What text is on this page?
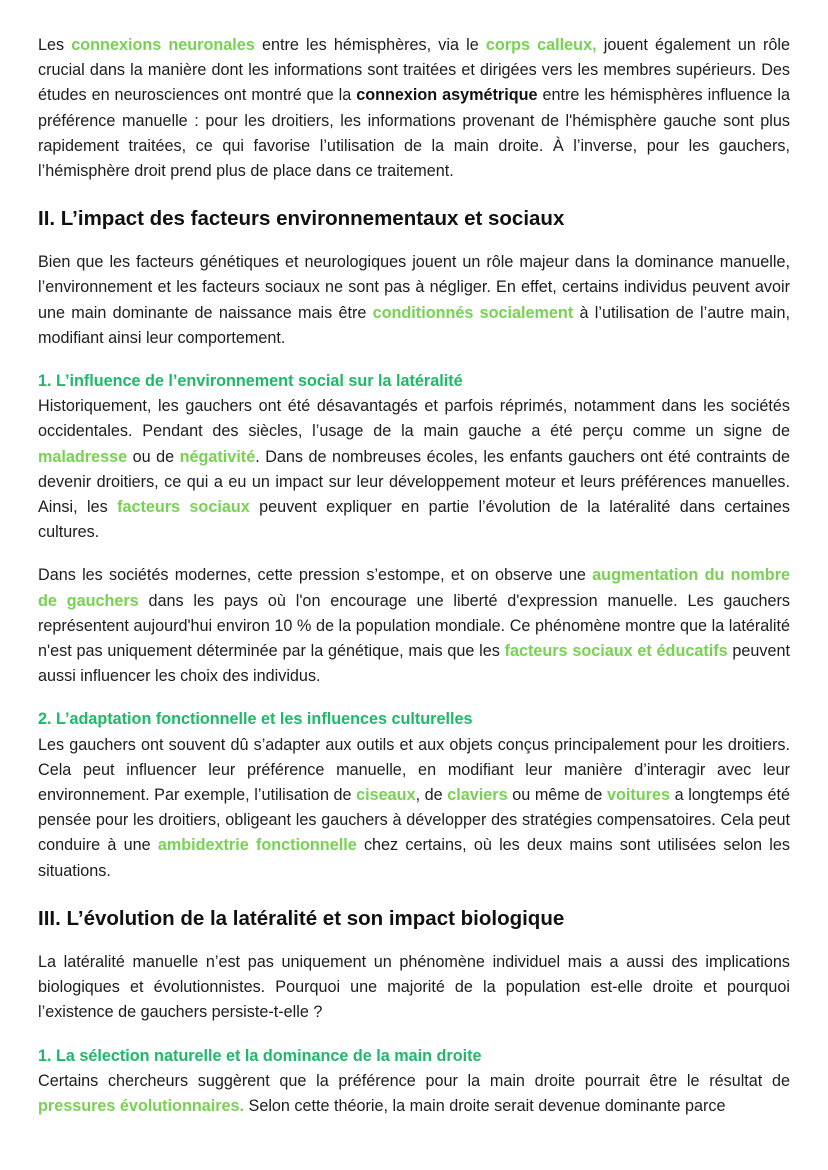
Les connexions neuronales entre les hémisphères, via le corps calleux, jouent également un rôle crucial dans la manière dont les informations sont traitées et dirigées vers les membres supérieurs. Des études en neurosciences ont montré que la connexion asymétrique entre les hémisphères influence la préférence manuelle : pour les droitiers, les informations provenant de l'hémisphère gauche sont plus rapidement traitées, ce qui favorise l’utilisation de la main droite. À l’inverse, pour les gauchers, l’hémisphère droit prend plus de place dans ce traitement.

II. L’impact des facteurs environnementaux et sociaux

Bien que les facteurs génétiques et neurologiques jouent un rôle majeur dans la dominance manuelle, l’environnement et les facteurs sociaux ne sont pas à négliger. En effet, certains individus peuvent avoir une main dominante de naissance mais être conditionnés socialement à l’utilisation de l’autre main, modifiant ainsi leur comportement.

1. L’influence de l’environnement social sur la latéralité

Historiquement, les gauchers ont été désavantagés et parfois réprimés, notamment dans les sociétés occidentales. Pendant des siècles, l’usage de la main gauche a été perçu comme un signe de maladresse ou de négativité. Dans de nombreuses écoles, les enfants gauchers ont été contraints de devenir droitiers, ce qui a eu un impact sur leur développement moteur et leurs préférences manuelles. Ainsi, les facteurs sociaux peuvent expliquer en partie l’évolution de la latéralité dans certaines cultures.

Dans les sociétés modernes, cette pression s’estompe, et on observe une augmentation du nombre de gauchers dans les pays où l'on encourage une liberté d'expression manuelle. Les gauchers représentent aujourd'hui environ 10 % de la population mondiale. Ce phénomène montre que la latéralité n'est pas uniquement déterminée par la génétique, mais que les facteurs sociaux et éducatifs peuvent aussi influencer les choix des individus.

2. L’adaptation fonctionnelle et les influences culturelles

Les gauchers ont souvent dû s’adapter aux outils et aux objets conçus principalement pour les droitiers. Cela peut influencer leur préférence manuelle, en modifiant leur manière d’interagir avec leur environnement. Par exemple, l’utilisation de ciseaux, de claviers ou même de voitures a longtemps été pensée pour les droitiers, obligeant les gauchers à développer des stratégies compensatoires. Cela peut conduire à une ambidextrie fonctionnelle chez certains, où les deux mains sont utilisées selon les situations.

III. L’évolution de la latéralité et son impact biologique

La latéralité manuelle n’est pas uniquement un phénomène individuel mais a aussi des implications biologiques et évolutionnistes. Pourquoi une majorité de la population est-elle droite et pourquoi l’existence de gauchers persiste-t-elle ?

1. La sélection naturelle et la dominance de la main droite

Certains chercheurs suggèrent que la préférence pour la main droite pourrait être le résultat de pressures évolutionnaires. Selon cette théorie, la main droite serait devenue dominante parce
